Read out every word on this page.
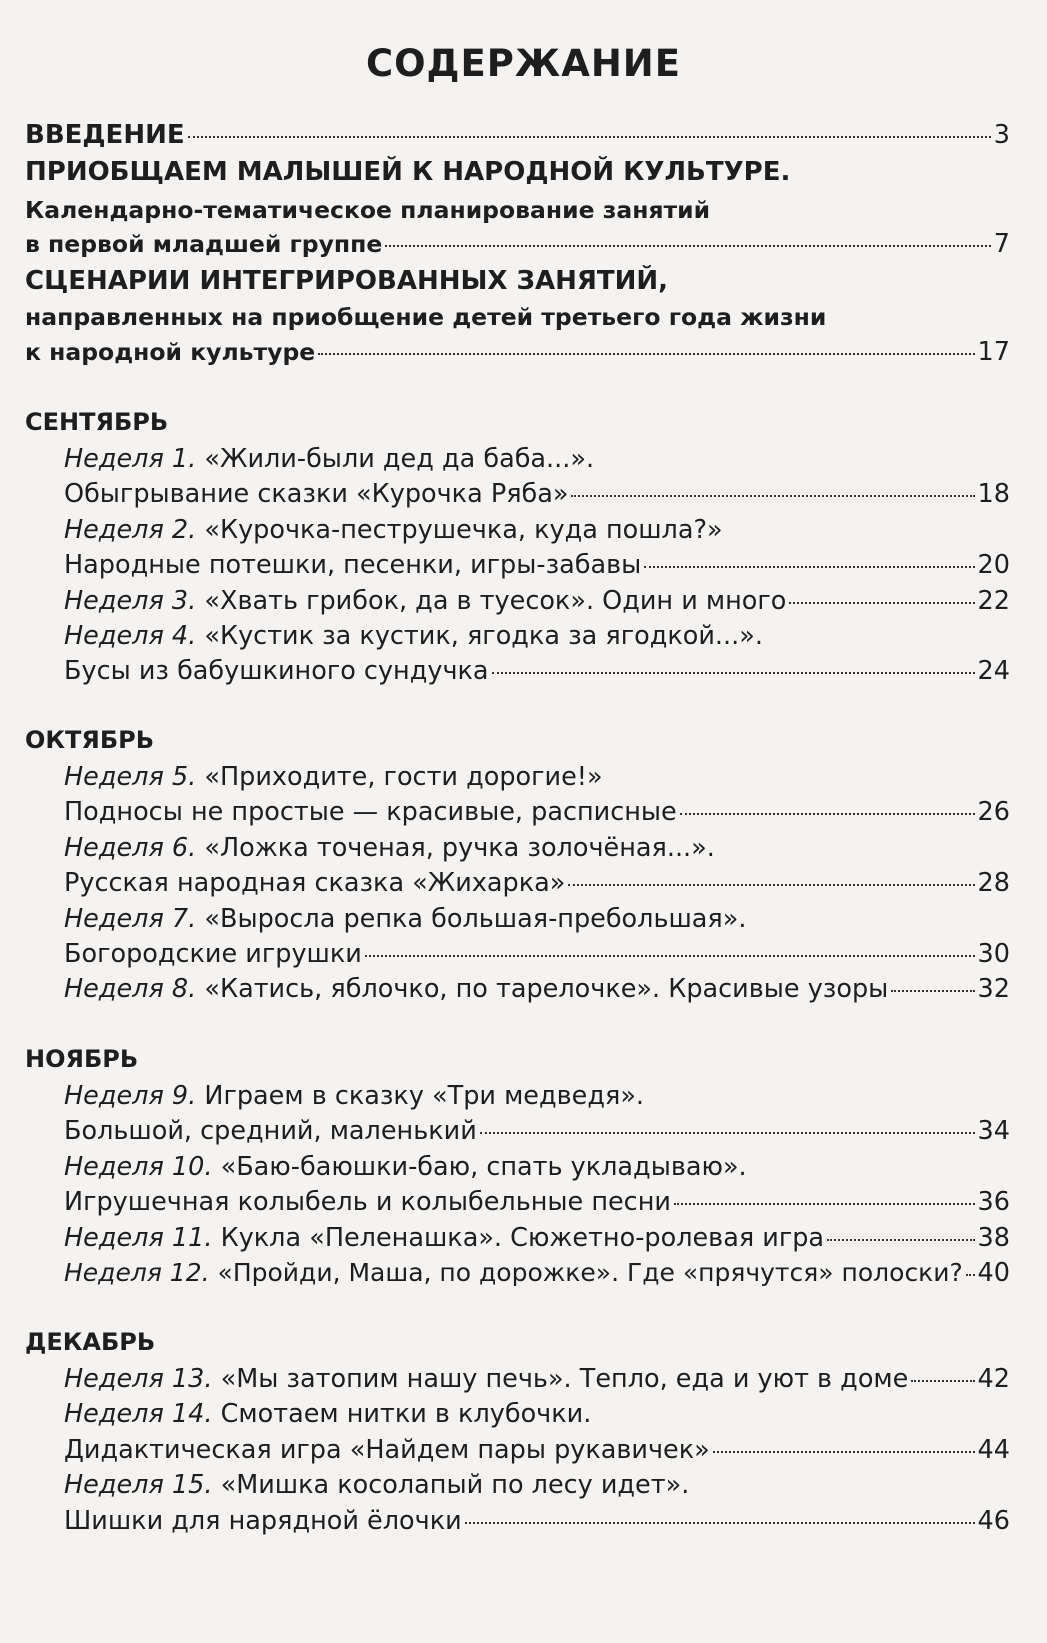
СОДЕРЖАНИЕ
ВВЕДЕНИЕ	3
ПРИОБЩАЕМ МАЛЫШЕЙ К НАРОДНОЙ КУЛЬТУРЕ.
Календарно-тематическое планирование занятий
в первой младшей группе	7
СЦЕНАРИИ ИНТЕГРИРОВАННЫХ ЗАНЯТИЙ,
направленных на приобщение детей третьего года жизни
к народной культуре	17
СЕНТЯБРЬ
Неделя 1. «Жили-были дед да баба...».
Обыгрывание сказки «Курочка Ряба»	18
Неделя 2. «Курочка-пеструшечка, куда пошла?»
Народные потешки, песенки, игры-забавы	20
Неделя 3. «Хвать грибок, да в туесок». Один и много	22
Неделя 4. «Кустик за кустик, ягодка за ягодкой...».
Бусы из бабушкиного сундучка	24
ОКТЯБРЬ
Неделя 5. «Приходите, гости дорогие!»
Подносы не простые — красивые, расписные	26
Неделя 6. «Ложка точеная, ручка золочёная...».
Русская народная сказка «Жихарка»	28
Неделя 7. «Выросла репка большая-пребольшая».
Богородские игрушки	30
Неделя 8. «Катись, яблочко, по тарелочке». Красивые узоры	32
НОЯБРЬ
Неделя 9. Играем в сказку «Три медведя».
Большой, средний, маленький	34
Неделя 10. «Баю-баюшки-баю, спать укладываю».
Игрушечная колыбель и колыбельные песни	36
Неделя 11. Кукла «Пеленашка». Сюжетно-ролевая игра	38
Неделя 12. «Пройди, Маша, по дорожке». Где «прячутся» полоски? 40
ДЕКАБРЬ
Неделя 13. «Мы затопим нашу печь». Тепло, еда и уют в доме	42
Неделя 14. Смотаем нитки в клубочки.
Дидактическая игра «Найдем пары рукавичек»	44
Неделя 15. «Мишка косолапый по лесу идет».
Шишки для нарядной ёлочки	46
